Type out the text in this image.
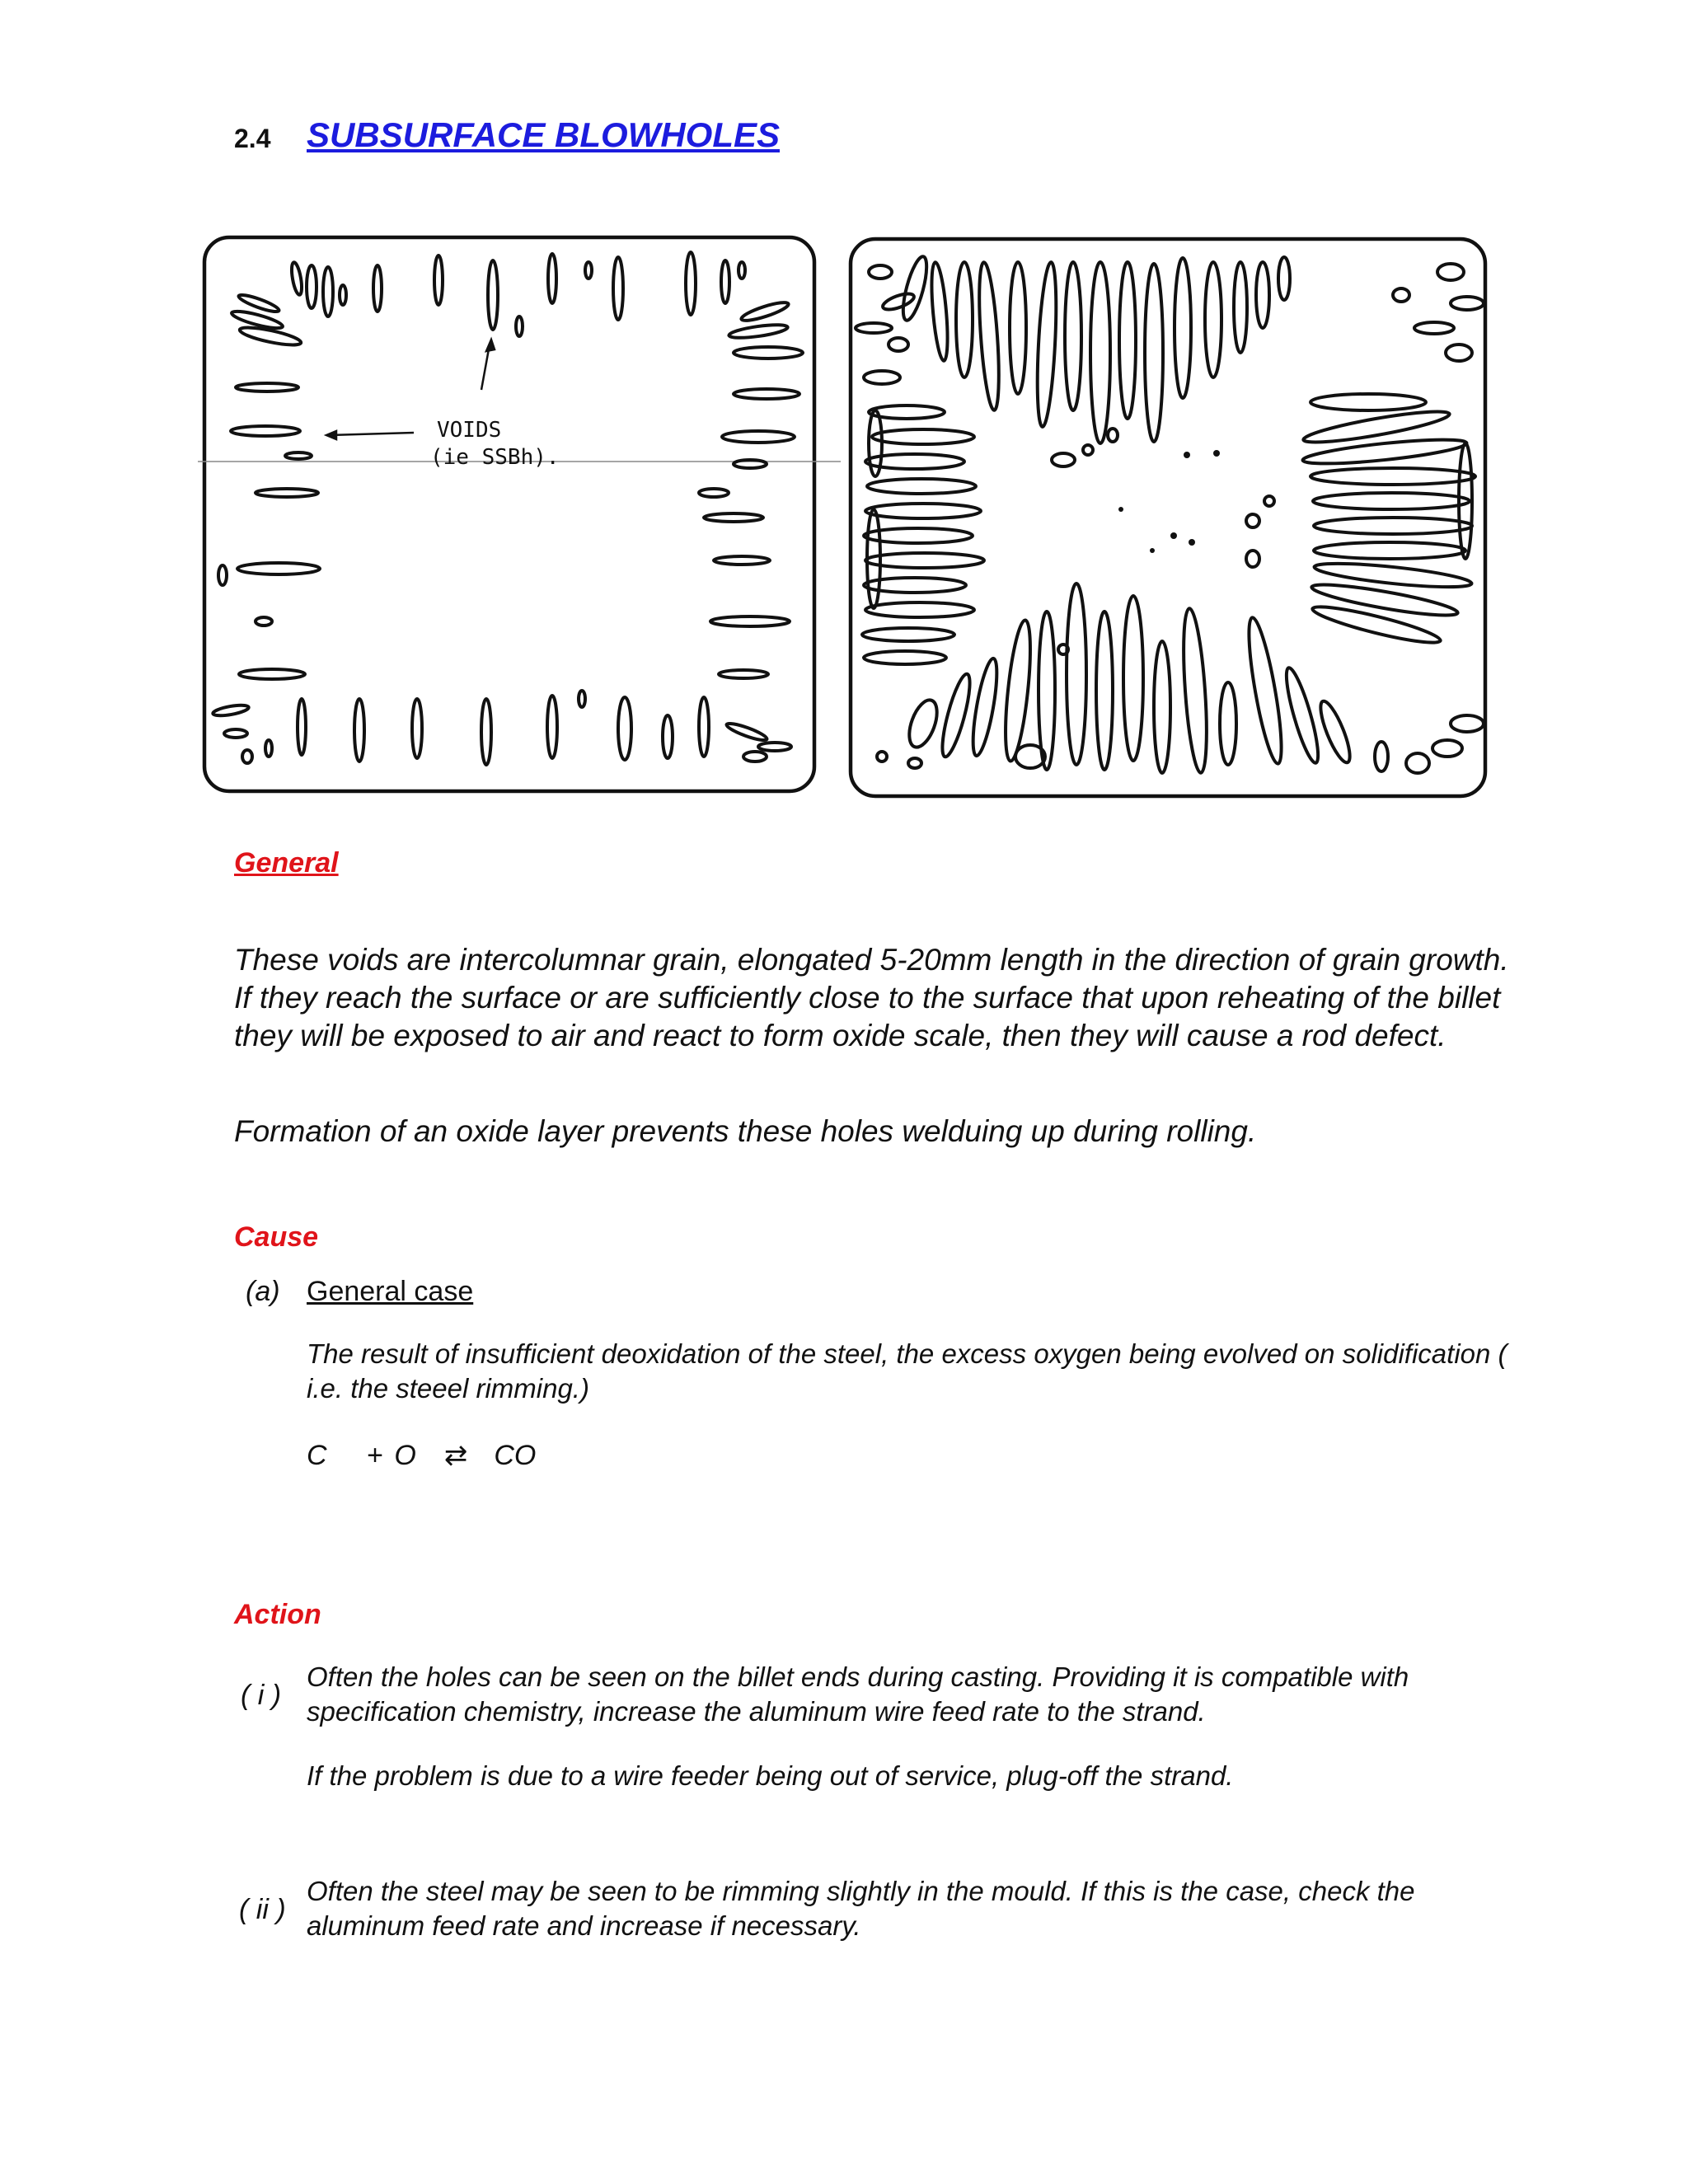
2.4 SUBSURFACE BLOWHOLES
VOIDS
(ie SSBh).
General
These voids are intercolumnar grain, elongated 5-20mm length in the direction of grain growth.
If they reach the surface or are sufficiently close to the surface that upon reheating of the billet
they will be exposed to air and react to form oxide scale, then they will cause a rod defect.
Formation of an oxide layer prevents these holes welduing up during rolling.
Cause
(a) General case
The result of insufficient deoxidation of the steel, the excess oxygen being evolved on solidification (
i.e. the steeel rimming.)
C + O ⇄ CO
Action
( i )
Often the holes can be seen on the billet ends during casting. Providing it is compatible with
specification chemistry, increase the aluminum wire feed rate to the strand.
If the problem is due to a wire feeder being out of service, plug-off the strand.
( ii )
Often the steel may be seen to be rimming slightly in the mould. If this is the case, check the
aluminum feed rate and increase if necessary.
